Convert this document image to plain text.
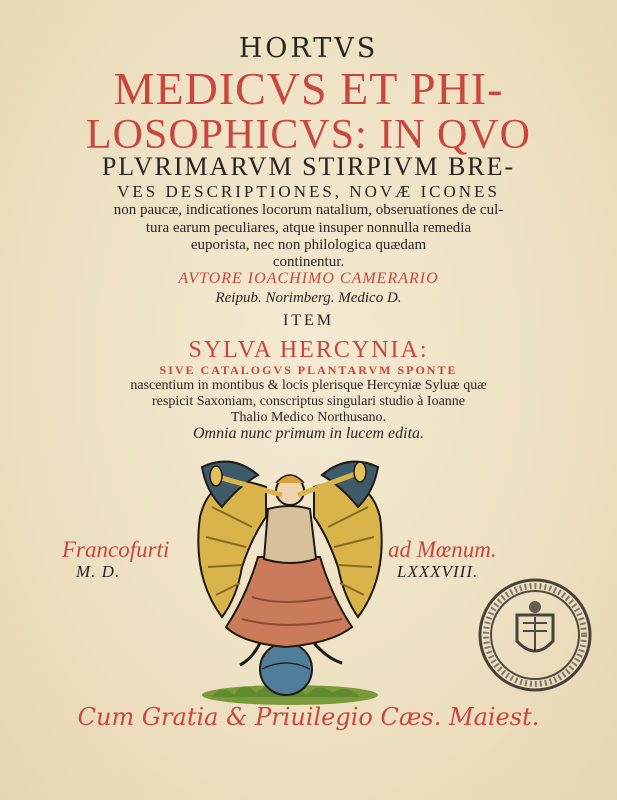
HORTVS
MEDICVS ET PHI-
LOSOPHICVS: IN QVO
PLVRIMARVM STIRPIVM BRE-
VES DESCRIPTIONES, NOVÆ ICONES
non paucæ, indicationes locorum natalium, obseruationes de cul-
tura earum peculiares, atque insuper nonnulla remedia
euporista, nec non philologica quædam
continentur.
AVTORE IOACHIMO CAMERARIO
Reipub. Norimberg. Medico D.
ITEM
SYLVA HERCYNIA:
SIVE CATALOGVS PLANTARVM SPONTE
nascentium in montibus & locis plerisque Hercyniæ Syluæ quæ
respicit Saxoniam, conscriptus singulari studio à Ioanne
Thalio Medico Northusano.
Omnia nunc primum in lucem edita.
Francofurti	ad Mœnum.
M. D.	LXXXVIII.
Cum Gratia & Priuilegio Cæs. Maiest.
